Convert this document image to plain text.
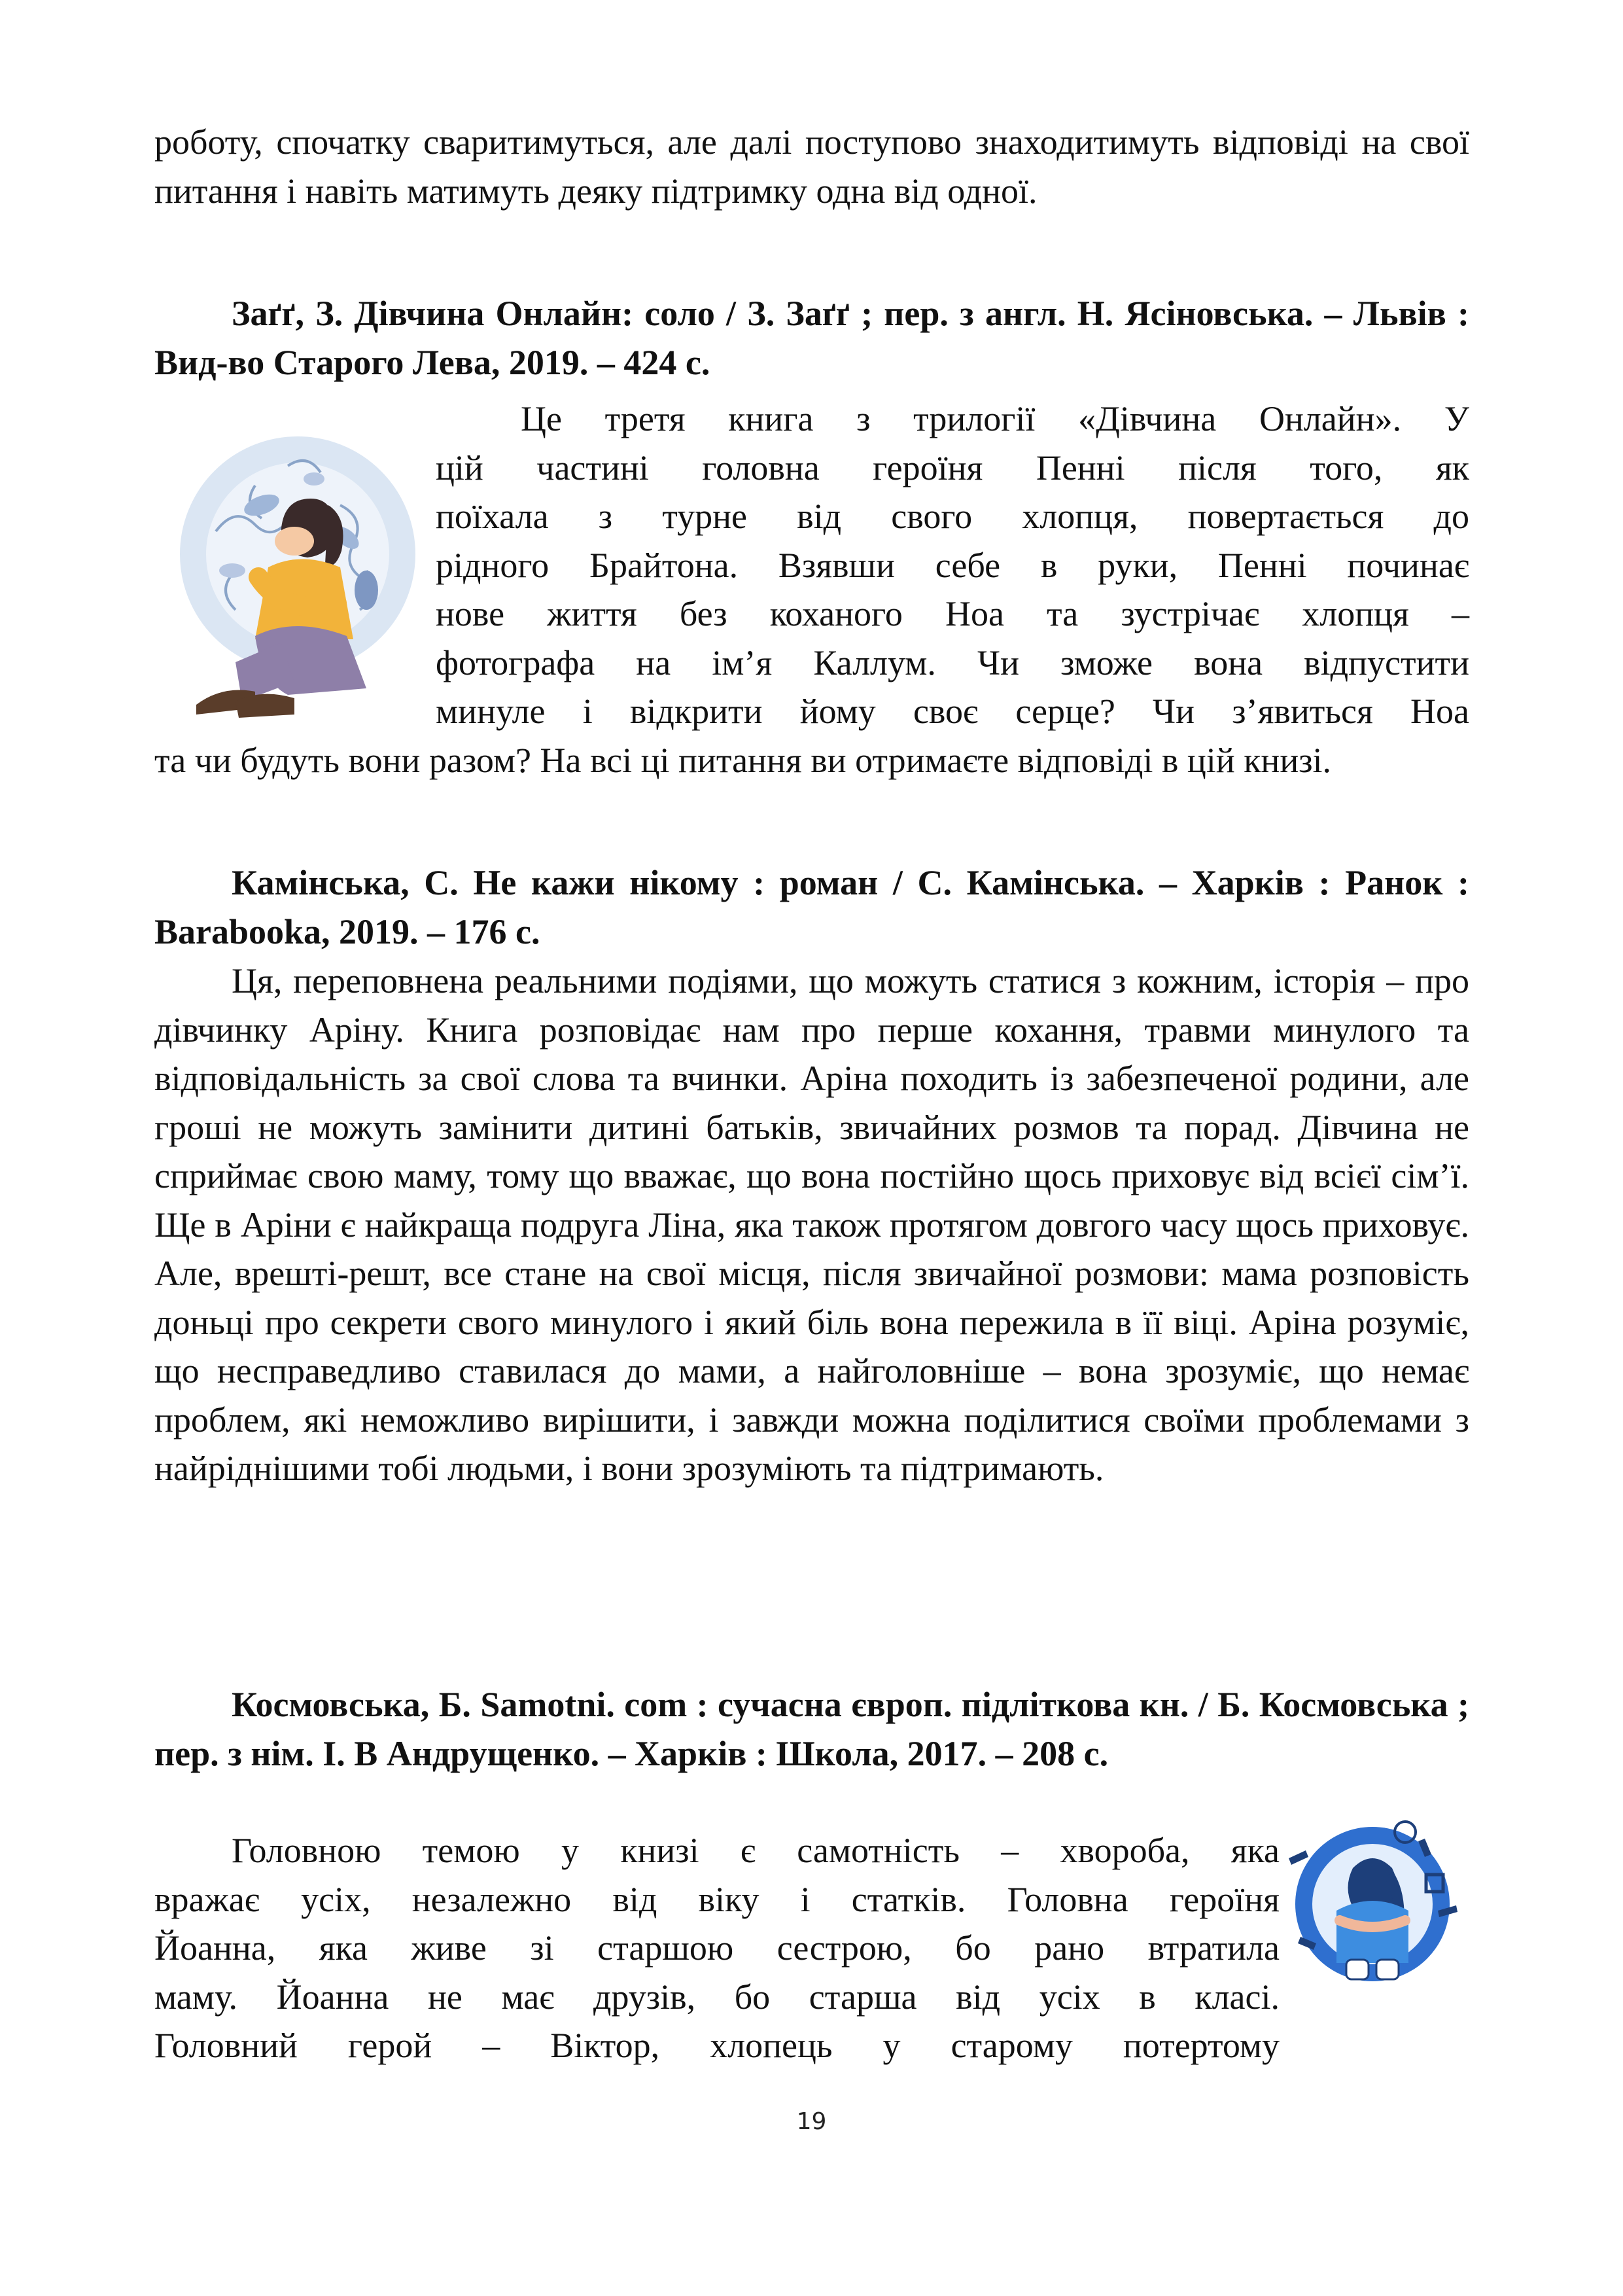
роботу, спочатку сваритимуться, але далі поступово знаходитимуть відповіді на свої питання і навіть матимуть деяку підтримку одна від одної.
Заґґ, З. Дівчина Онлайн: соло / З. Заґґ ; пер. з англ. Н. Ясіновська. – Львів : Вид-во Старого Лева, 2019. – 424 с.
Це третя книга з трилогії «Дівчина Онлайн». У
цій частині головна героїня Пенні після того, як
поїхала з турне від свого хлопця, повертається до
рідного Брайтона. Взявши себе в руки, Пенні починає
нове життя без коханого Ноа та зустрічає хлопця –
фотографа на ім’я Каллум. Чи зможе вона відпустити
минуле і відкрити йому своє серце? Чи з’явиться Ноа
та чи будуть вони разом? На всі ці питання ви отримаєте відповіді в цій книзі.
Камінська, С. Не кажи нікому : роман / С. Камінська. – Харків : Ранок : Barabooka, 2019. – 176 с.
Ця, переповнена реальними подіями, що можуть статися з кожним, історія – про дівчинку Аріну. Книга розповідає нам про перше кохання, травми минулого та відповідальність за свої слова та вчинки. Аріна походить із забезпеченої родини, але гроші не можуть замінити дитині батьків, звичайних розмов та порад. Дівчина не сприймає свою маму, тому що вважає, що вона постійно щось приховує від всієї сім’ї. Ще в Аріни є найкраща подруга Ліна, яка також протягом довгого часу щось приховує. Але, врешті-решт, все стане на свої місця, після звичайної розмови: мама розповість доньці про секрети свого минулого і який біль вона пережила в її віці. Аріна розуміє, що несправедливо ставилася до мами, а найголовніше – вона зрозуміє, що немає проблем, які неможливо вирішити, і завжди можна поділитися своїми проблемами з найріднішими тобі людьми, і вони зрозуміють та підтримають.
Космовська, Б. Samotni. com : сучасна європ. підліткова кн. / Б. Космовська ; пер. з нім. І. В Андрущенко. – Харків : Школа, 2017. – 208 с.
Головною темою у книзі є самотність – хвороба, яка
вражає усіх, незалежно від віку і статків. Головна героїня
Йоанна, яка живе зі старшою сестрою, бо рано втратила
маму. Йоанна не має друзів, бо старша від усіх в класі.
Головний герой – Віктор, хлопець у старому потертому
19
